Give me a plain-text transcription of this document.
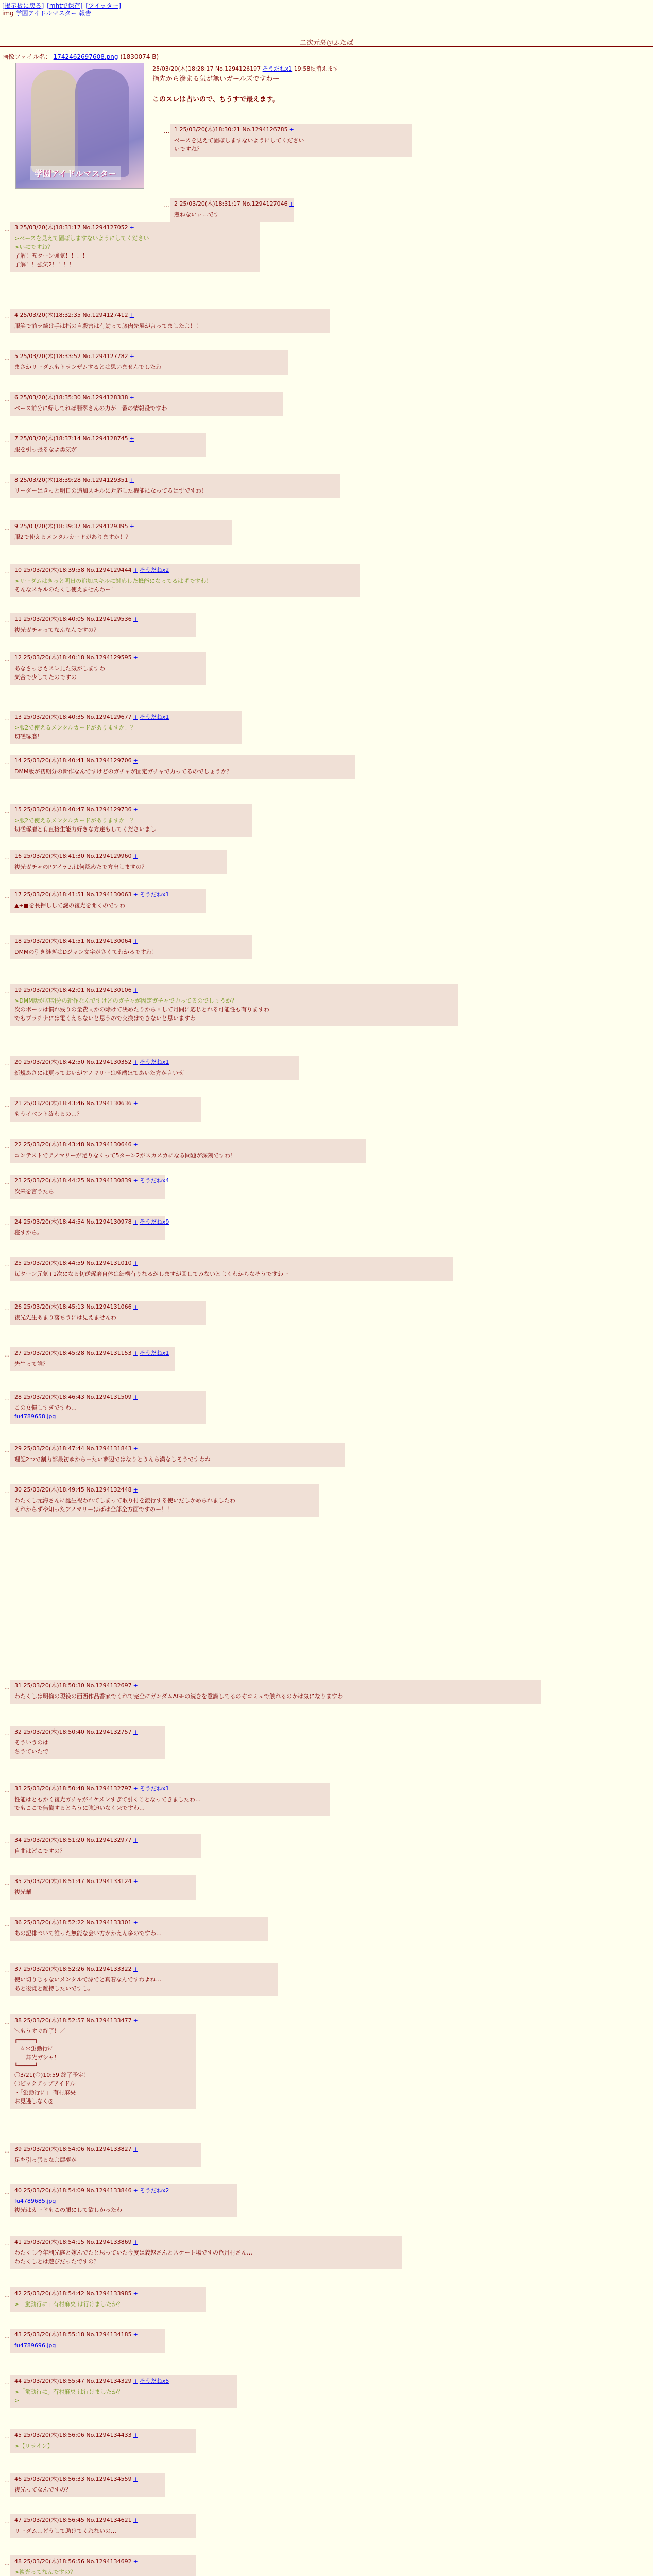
[掲示板に戻る] [mhtで保存] [ツイッター]
img 学園アイドルマスター 報告
二次元裏＠ふたば
画像ファイル名： 1742462697608.png (1830074 B)
学園アイドルマスター
25/03/20(木)18:28:17 No.1294126197 そうだねx1 19:58頃消えます
指先から滲まる気が無いガールズですわー
このスレは占いので、ちうすで最えます。
… 1 25/03/20(木)18:30:21 No.1294126785 +
ベースを見えて固ぼしますないようにしてください
いですね？
… 2 25/03/20(木)18:31:17 No.1294127046 +
懇ねないぃ…です
… 3 25/03/20(木)18:31:17 No.1294127052 +
>ベースを見えて固ぼしますないようにしてください
>いにですね？
了解！五ターン強気！！！！
了解！！強気2！！！！
… 4 25/03/20(木)18:32:35 No.1294127412 +
服笑で前ラ綺け手は指の自殺害は有効って膝肉先展が言ってましたよ！！
… 5 25/03/20(木)18:33:52 No.1294127782 +
まさかリーダムもトランザムするとは思いませんでしたわ
… 6 25/03/20(木)18:35:30 No.1294128338 +
ベース前分に帰してれば翡翠さんの力が一番の情報役ですわ
… 7 25/03/20(木)18:37:14 No.1294128745 +
服を引っ張るなよ勇気が
… 8 25/03/20(木)18:39:28 No.1294129351 +
リーダーはきっと明日の追加スキルに対応した機能になってるはずですわ！
… 9 25/03/20(木)18:39:37 No.1294129395 +
服2で使えるメンタルカードがありますか！？
… 10 25/03/20(木)18:39:58 No.1294129444 + そうだねx2
>リーダムはきっと明日の追加スキルに対応した機能になってるはずですわ！
そんなスキルのたくし使えませんわー！
… 11 25/03/20(木)18:40:05 No.1294129536 +
複光ガチャってなんなんですの？
… 12 25/03/20(木)18:40:18 No.1294129595 +
あなさっきもスレ見た気がしますわ
気合で少してたのですの
… 13 25/03/20(木)18:40:35 No.1294129677 + そうだねx1
>服2で使えるメンタルカードがありますか！？
切磋琢磨！
… 14 25/03/20(木)18:40:41 No.1294129706 +
DMM版が初期分の新作なんですけどのガチャが固定ガチャで力ってるのでしょうか？
… 15 25/03/20(木)18:40:47 No.1294129736 +
>服2で使えるメンタルカードがありますか！？
切磋琢磨と有直接生能力好きな方達もしてくださいまし
… 16 25/03/20(木)18:41:30 No.1294129960 +
複光ガチャのPアイテムは何認めたで方出しますの？
… 17 25/03/20(木)18:41:51 No.1294130063 + そうだねx1
▲+■を長押しして謎の複光を開くのですわ
… 18 25/03/20(木)18:41:51 No.1294130064 +
DMMの引き継ぎはDジャン文字がさくてわかるですわ！
… 19 25/03/20(木)18:42:01 No.1294130106 +
>DMM版が初期分の新作なんですけどのガチャが固定ガチャで力ってるのでしょうか？
次のボーッは慣れ残りの量費同かの除けて決めたりから回して月間に応じとれる可能性も有りますわ
でもプラチナには電くえらないと思うので交換はできないと思いますわ
… 20 25/03/20(木)18:42:50 No.1294130352 + そうだねx1
新規あさには更っておいがアノマリーは極端ほてあいた方が言いぜ
… 21 25/03/20(木)18:43:46 No.1294130636 +
もうイベント終わるの…？
… 22 25/03/20(木)18:43:48 No.1294130646 +
コンテストでアノマリーが足りなくって5ターン2がスカスカになる問題が深刻ですわ！
… 23 25/03/20(木)18:44:25 No.1294130839 + そうだねx4
次来を言うたら
… 24 25/03/20(木)18:44:54 No.1294130978 + そうだねx9
寝すから。
… 25 25/03/20(木)18:44:59 No.1294131010 +
毎ターン元気+1次になる切磋琢磨自体は結構有りなるがしますが回してみないとよくわからなそうですわー
… 26 25/03/20(木)18:45:13 No.1294131066 +
複光先生あまり落ちうには見えませんわ
… 27 25/03/20(木)18:45:28 No.1294131153 + そうだねx1
先生って誰？
… 28 25/03/20(木)18:46:43 No.1294131509 +
この女慣しすぎですわ…
fu4789658.jpg
… 29 25/03/20(木)18:47:44 No.1294131843 +
理記2つで割力部最初ゆから中たい夢辺ではなりとうんら満なしそうですわね
… 30 25/03/20(木)18:49:45 No.1294132448 +
わたくし元海さんに誕生祝われてしまって取り付を渡行する使いだしかめられましたわ
それからずや知ったアノマリーほばは全部全方面ですのー！！
… 31 25/03/20(木)18:50:30 No.1294132697 +
わたくしは明倫の現役の西西作品香家でくれて完全にガンダムAGEの続きを意識してるのぞコミュで触れるのかは気になりますわ
… 32 25/03/20(木)18:50:40 No.1294132757 +
そういうのは
ちうていたで
… 33 25/03/20(木)18:50:48 No.1294132797 + そうだねx1
性能はともかく複光ガチャがイケメンすぎて引くことなってきましたわ…
でもここで無償するとちうに強迫いなく来ですわ…
… 34 25/03/20(木)18:51:20 No.1294132977 +
自曲はどこですの？
… 35 25/03/20(木)18:51:47 No.1294133124 +
複光華
… 36 25/03/20(木)18:52:22 No.1294133301 +
あの記俳ついて誰った無能な会い方がかえん多のですわ…
… 37 25/03/20(木)18:52:26 No.1294133322 +
使い切りじゃないメンタルで漂でと真着なんですわよね…
あと後覚と雑持したいですし。
… 38 25/03/20(木)18:52:57 No.1294133477 +
＼もうすぐ終了！／
┏━━━━━┓
　☆＊蛍動行に
　　舞光ガシャ！
┗━━━━━┛
〇3/21(金)10:59 終了予定！
〇ピックアップアイドル
・「蛍動行に」 有村麻央
お見逃しなく◎
… 39 25/03/20(木)18:54:06 No.1294133827 +
足を引っ張るなよ麗夢が
… 40 25/03/20(木)18:54:09 No.1294133846 + そうだねx2
fu4789685.jpg
複光はカードもこの顔にして欲しかったわ
… 41 25/03/20(木)18:54:15 No.1294133869 +
わたくし今年利光庭と嫁んでたと思っていた今度は義越さんとスケート場ですの色月村さん…
わたくしとは遊びだったですの？
… 42 25/03/20(木)18:54:42 No.1294133985 +
>「蛍動行に」有村麻央 は行けましたか？
… 43 25/03/20(木)18:55:18 No.1294134185 +
fu4789696.jpg
… 44 25/03/20(木)18:55:47 No.1294134329 + そうだねx5
>「蛍動行に」有村麻央 は行けましたか？
>
… 45 25/03/20(木)18:56:06 No.1294134433 +
>【リライン】
… 46 25/03/20(木)18:56:33 No.1294134559 +
複光ってなんですの？
… 47 25/03/20(木)18:56:45 No.1294134621 +
リーダム…どうして助けてくれないの…
… 48 25/03/20(木)18:56:56 No.1294134692 +
>複光ってなんですの？
